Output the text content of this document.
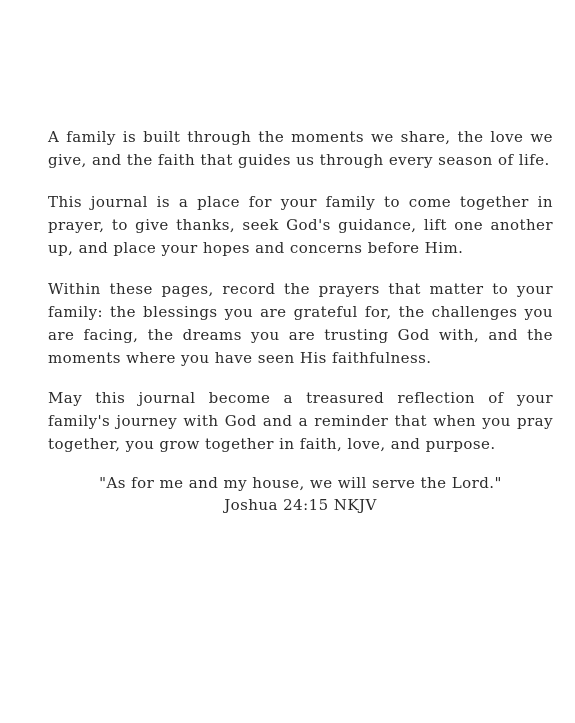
A family is built through the moments we share, the love we give, and the faith that guides us through every season of life.

This journal is a place for your family to come together in prayer, to give thanks, seek God's guidance, lift one another up, and place your hopes and concerns before Him.

Within these pages, record the prayers that matter to your family: the blessings you are grateful for, the challenges you are facing, the dreams you are trusting God with, and the moments where you have seen His faithfulness.

May this journal become a treasured reflection of your family's journey with God and a reminder that when you pray together, you grow together in faith, love, and purpose.

"As for me and my house, we will serve the Lord."

Joshua 24:15 NKJV
